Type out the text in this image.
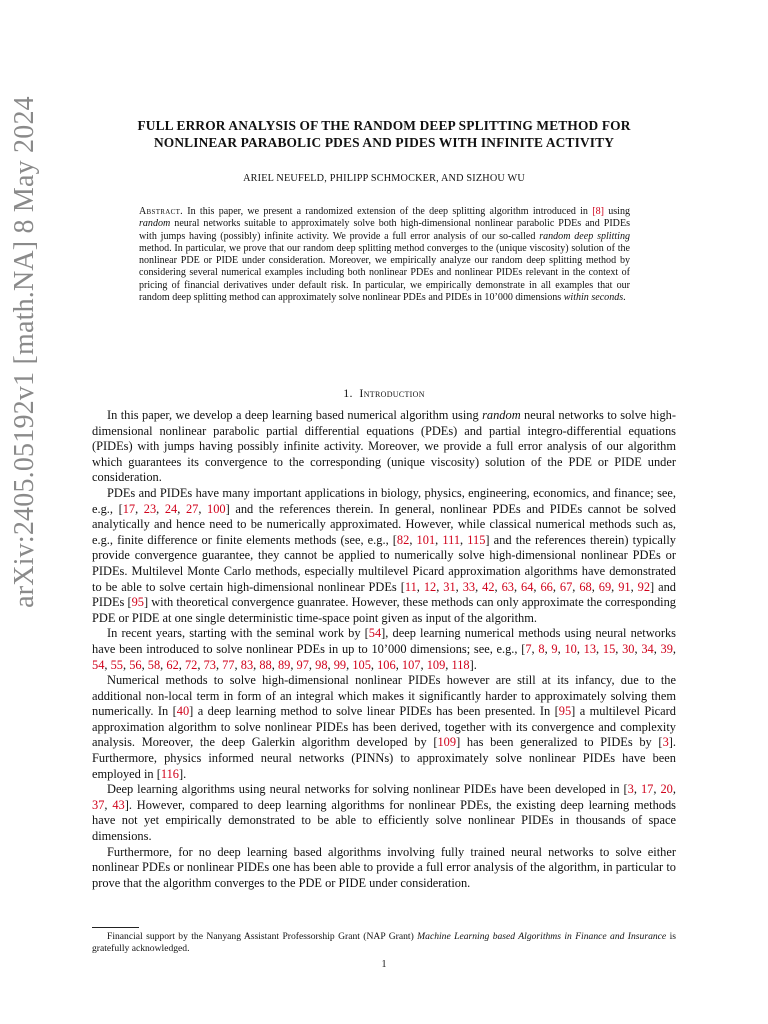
arXiv:2405.05192v1 [math.NA] 8 May 2024	FULL ERROR ANALYSIS OF THE RANDOM DEEP SPLITTING METHOD FOR
NONLINEAR PARABOLIC PDES AND PIDES WITH INFINITE ACTIVITY
ARIEL NEUFELD, PHILIPP SCHMOCKER, AND SIZHOU WU
Abstract. In this paper, we present a randomized extension of the deep splitting algorithm introduced in [8] using random neural networks suitable to approximately solve both high-dimensional nonlinear parabolic PDEs and PIDEs with jumps having (possibly) infinite activity. We provide a full error analysis of our so-called random deep splitting method. In particular, we prove that our random deep splitting method converges to the (unique viscosity) solution of the nonlinear PDE or PIDE under consideration. Moreover, we empirically analyze our random deep splitting method by considering several numerical examples including both nonlinear PDEs and nonlinear PIDEs relevant in the context of pricing of financial derivatives under default risk. In particular, we empirically demonstrate in all examples that our random deep splitting method can approximately solve nonlinear PDEs and PIDEs in 10’000 dimensions within seconds.
1. Introduction

In this paper, we develop a deep learning based numerical algorithm using random neural networks to solve high-dimensional nonlinear parabolic partial differential equations (PDEs) and partial integro-differential equations (PIDEs) with jumps having possibly infinite activity. Moreover, we provide a full error analysis of our algorithm which guarantees its convergence to the corresponding (unique viscosity) solution of the PDE or PIDE under consideration.

PDEs and PIDEs have many important applications in biology, physics, engineering, economics, and finance; see, e.g., [17, 23, 24, 27, 100] and the references therein. In general, nonlinear PDEs and PIDEs cannot be solved analytically and hence need to be numerically approximated. However, while classical numerical methods such as, e.g., finite difference or finite elements methods (see, e.g., [82, 101, 111, 115] and the references therein) typically provide convergence guarantee, they cannot be applied to numerically solve high-dimensional nonlinear PDEs or PIDEs. Multilevel Monte Carlo methods, especially multilevel Picard approximation algorithms have demonstrated to be able to solve certain high-dimensional nonlinear PDEs [11, 12, 31, 33, 42, 63, 64, 66, 67, 68, 69, 91, 92] and PIDEs [95] with theoretical convergence guanratee. However, these methods can only approximate the corresponding PDE or PIDE at one single deterministic time-space point given as input of the algorithm.

In recent years, starting with the seminal work by [54], deep learning numerical methods using neural networks have been introduced to solve nonlinear PDEs in up to 10’000 dimensions; see, e.g., [7, 8, 9, 10, 13, 15, 30, 34, 39, 54, 55, 56, 58, 62, 72, 73, 77, 83, 88, 89, 97, 98, 99, 105, 106, 107, 109, 118].

Numerical methods to solve high-dimensional nonlinear PIDEs however are still at its infancy, due to the additional non-local term in form of an integral which makes it significantly harder to approximately solving them numerically. In [40] a deep learning method to solve linear PIDEs has been presented. In [95] a multilevel Picard approximation algorithm to solve nonlinear PIDEs has been derived, together with its convergence and complexity analysis. Moreover, the deep Galerkin algorithm developed by [109] has been generalized to PIDEs by [3]. Furthermore, physics informed neural networks (PINNs) to approximately solve nonlinear PIDEs have been employed in [116].

Deep learning algorithms using neural networks for solving nonlinear PIDEs have been developed in [3, 17, 20, 37, 43]. However, compared to deep learning algorithms for nonlinear PDEs, the existing deep learning methods have not yet empirically demonstrated to be able to efficiently solve nonlinear PIDEs in thousands of space dimensions.

Furthermore, for no deep learning based algorithms involving fully trained neural networks to solve either nonlinear PDEs or nonlinear PIDEs one has been able to provide a full error analysis of the algorithm, in particular to prove that the algorithm converges to the PDE or PIDE under consideration.

Financial support by the Nanyang Assistant Professorship Grant (NAP Grant) Machine Learning based Algorithms in Finance and Insurance is gratefully acknowledged.
1
